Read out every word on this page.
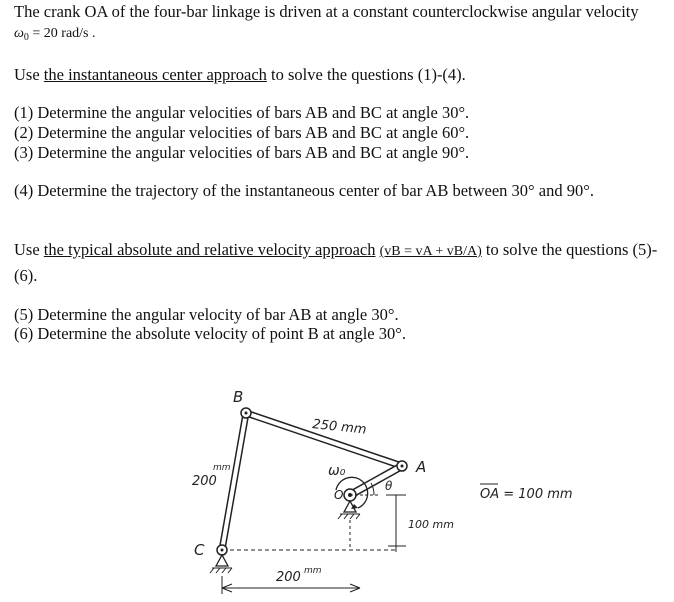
The crank OA of the four-bar linkage is driven at a constant counterclockwise angular velocity
$\omega_0 = 20$ rad/s .
Use the instantaneous center approach to solve the questions (1)-(4).
(1) Determine the angular velocities of bars AB and BC at angle 30°.
(2) Determine the angular velocities of bars AB and BC at angle 60°.
(3) Determine the angular velocities of bars AB and BC at angle 90°.
(4) Determine the trajectory of the instantaneous center of bar AB between 30° and 90°.
Use the typical absolute and relative velocity approach (vB = vA + vB/A) to solve the questions (5)-
(6).
(5) Determine the angular velocity of bar AB at angle 30°.
(6) Determine the absolute velocity of point B at angle 30°.
B
C
A
O
ω₀
θ
250 mm
mm
200
200 mm
100 mm
OA = 100 mm
